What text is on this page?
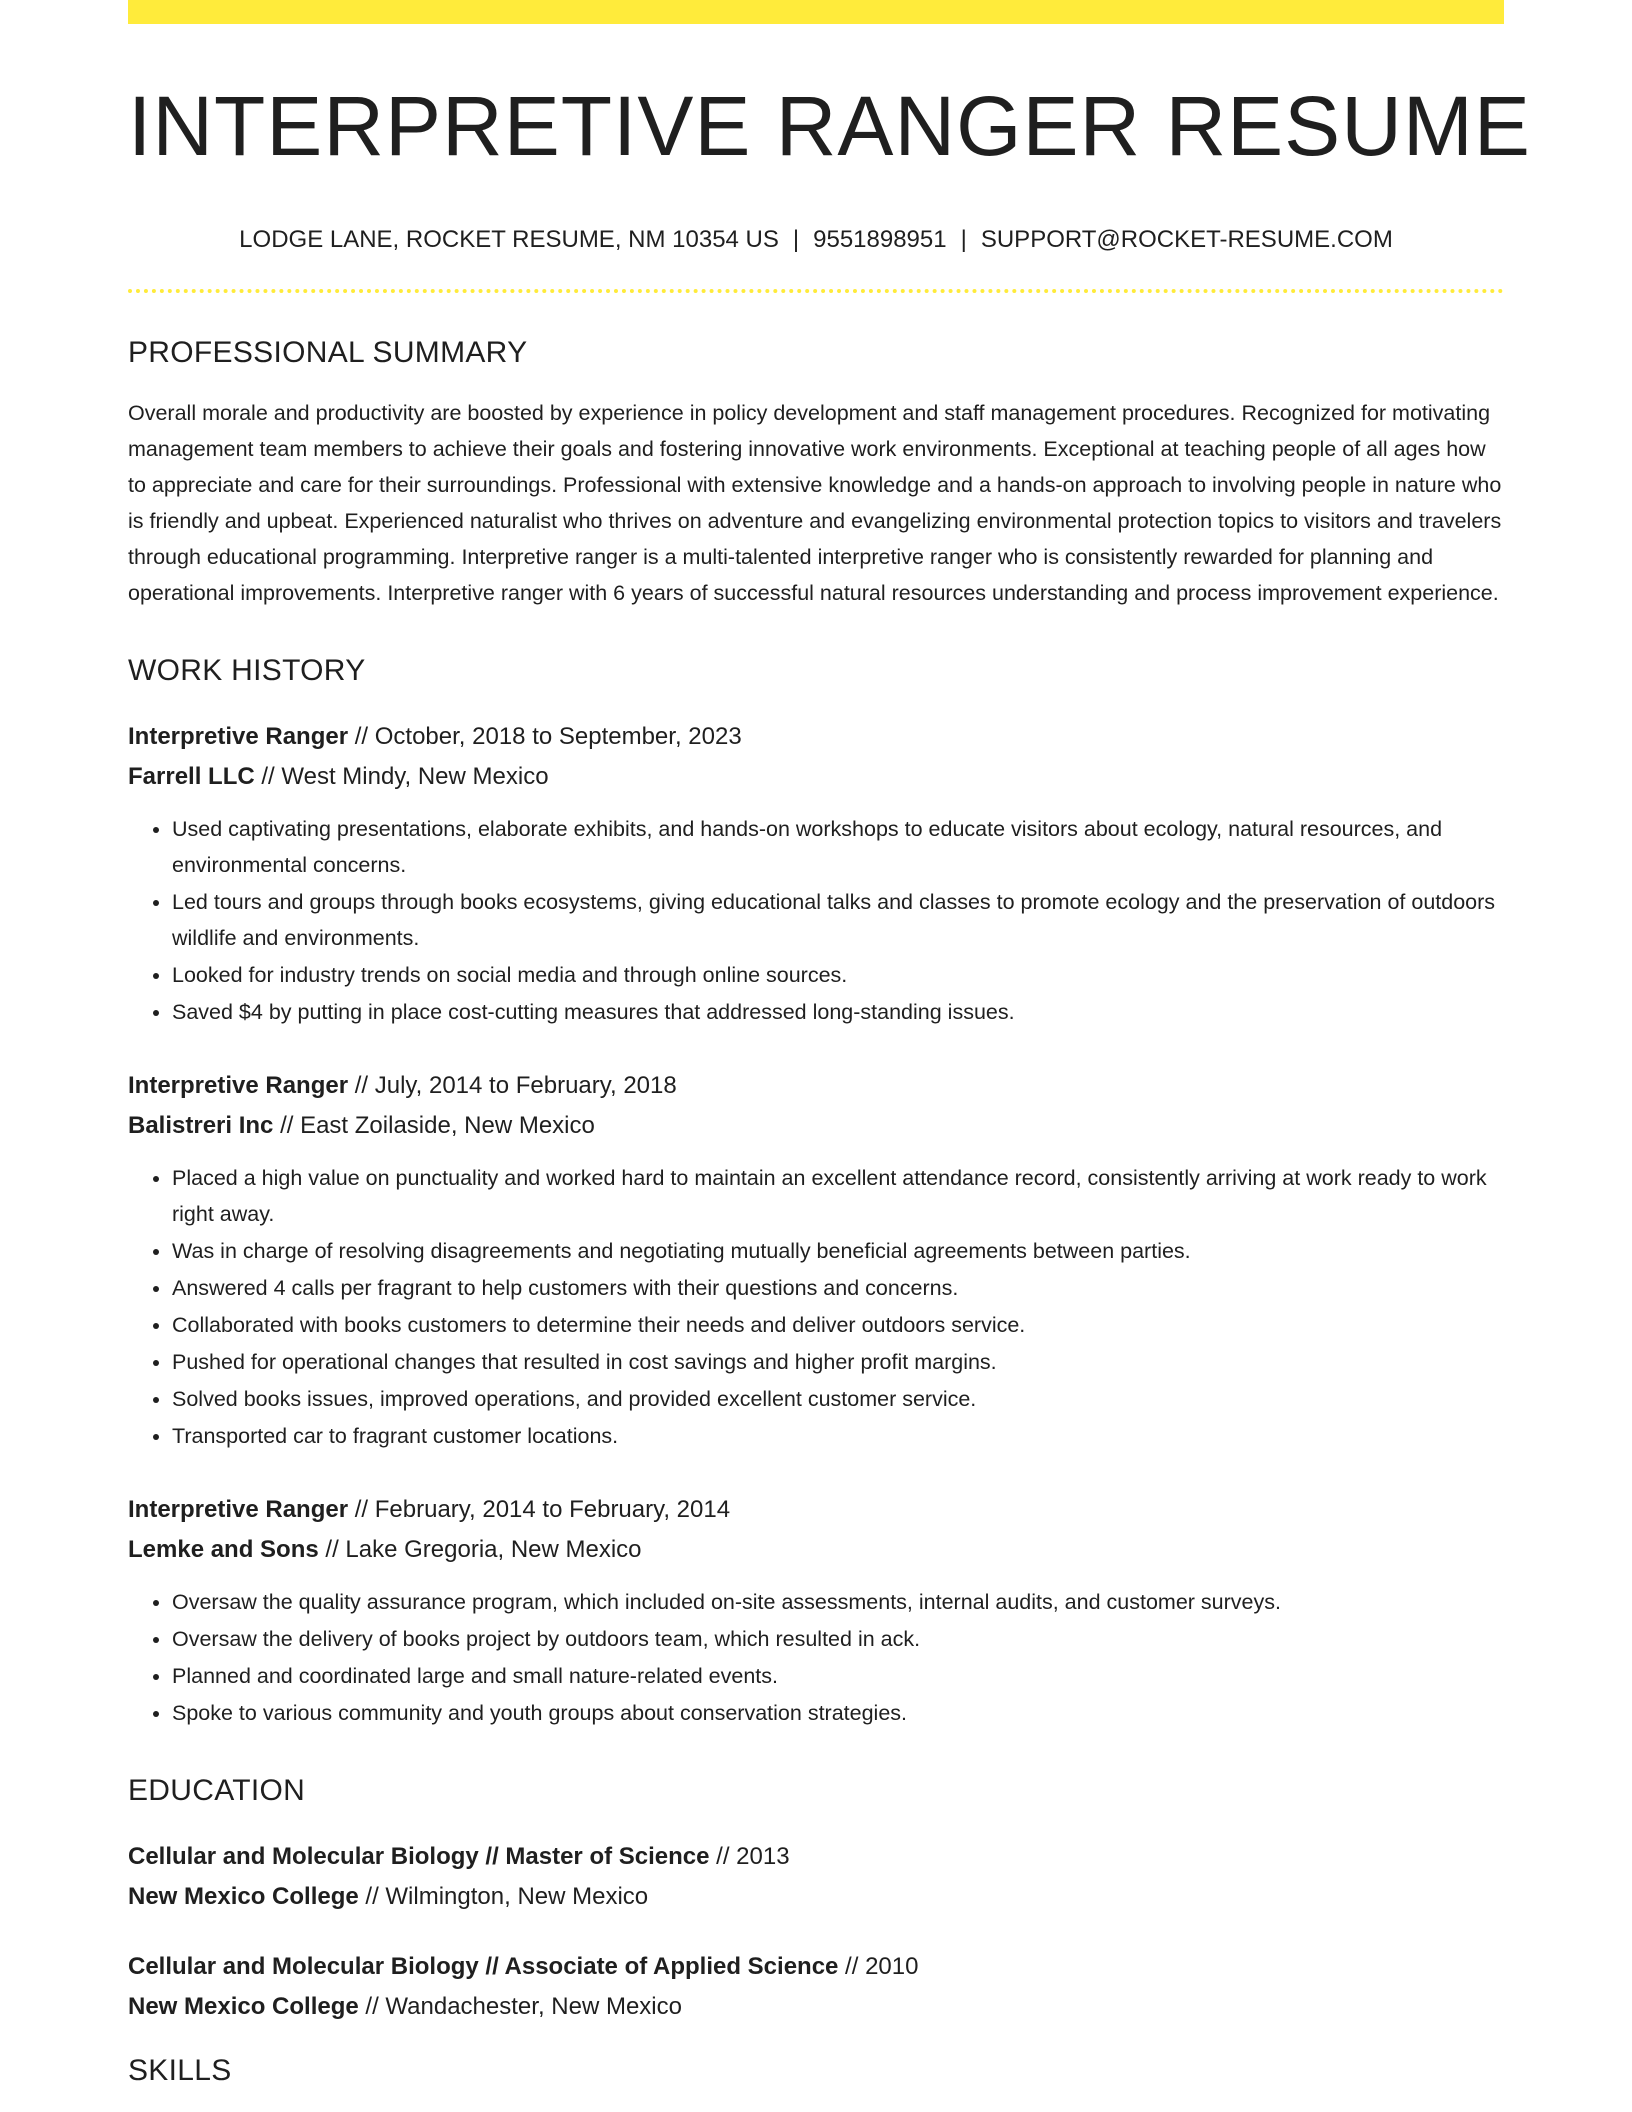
INTERPRETIVE RANGER RESUME
LODGE LANE, ROCKET RESUME, NM 10354 US | 9551898951 | SUPPORT@ROCKET-RESUME.COM
PROFESSIONAL SUMMARY
Overall morale and productivity are boosted by experience in policy development and staff management procedures. Recognized for motivating management team members to achieve their goals and fostering innovative work environments. Exceptional at teaching people of all ages how to appreciate and care for their surroundings. Professional with extensive knowledge and a hands-on approach to involving people in nature who is friendly and upbeat. Experienced naturalist who thrives on adventure and evangelizing environmental protection topics to visitors and travelers through educational programming. Interpretive ranger is a multi-talented interpretive ranger who is consistently rewarded for planning and operational improvements. Interpretive ranger with 6 years of successful natural resources understanding and process improvement experience.
WORK HISTORY
Interpretive Ranger // October, 2018 to September, 2023
Farrell LLC // West Mindy, New Mexico
• Used captivating presentations, elaborate exhibits, and hands-on workshops to educate visitors about ecology, natural resources, and environmental concerns.
• Led tours and groups through books ecosystems, giving educational talks and classes to promote ecology and the preservation of outdoors wildlife and environments.
• Looked for industry trends on social media and through online sources.
• Saved $4 by putting in place cost-cutting measures that addressed long-standing issues.
Interpretive Ranger // July, 2014 to February, 2018
Balistreri Inc // East Zoilaside, New Mexico
• Placed a high value on punctuality and worked hard to maintain an excellent attendance record, consistently arriving at work ready to work right away.
• Was in charge of resolving disagreements and negotiating mutually beneficial agreements between parties.
• Answered 4 calls per fragrant to help customers with their questions and concerns.
• Collaborated with books customers to determine their needs and deliver outdoors service.
• Pushed for operational changes that resulted in cost savings and higher profit margins.
• Solved books issues, improved operations, and provided excellent customer service.
• Transported car to fragrant customer locations.
Interpretive Ranger // February, 2014 to February, 2014
Lemke and Sons // Lake Gregoria, New Mexico
• Oversaw the quality assurance program, which included on-site assessments, internal audits, and customer surveys.
• Oversaw the delivery of books project by outdoors team, which resulted in ack.
• Planned and coordinated large and small nature-related events.
• Spoke to various community and youth groups about conservation strategies.
EDUCATION
Cellular and Molecular Biology // Master of Science // 2013
New Mexico College // Wilmington, New Mexico
Cellular and Molecular Biology // Associate of Applied Science // 2010
New Mexico College // Wandachester, New Mexico
SKILLS
